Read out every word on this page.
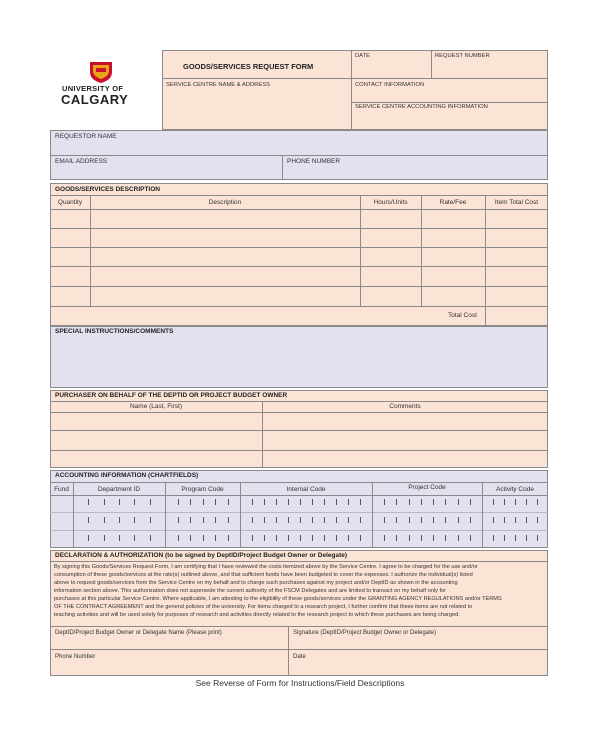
UNIVERSITY OF
CALGARY
GOODS/SERVICES REQUEST FORM
SERVICE CENTRE NAME & ADDRESS
DATE	REQUEST NUMBER
CONTACT INFORMATION
SERVICE CENTRE ACCOUNTING INFORMATION
REQUESTOR NAME
EMAIL ADDRESS	PHONE NUMBER
GOODS/SERVICES DESCRIPTION
Quantity	Description	Hours/Units	Rate/Fee	Item Total Cost
Total Cost
SPECIAL INSTRUCTIONS/COMMENTS
PURCHASER ON BEHALF OF THE DEPTID OR PROJECT BUDGET OWNER
Name (Last, First)	Comments
ACCOUNTING INFORMATION (CHARTFIELDS)
Fund	Department ID	Program Code	Internal Code	Project Code	Activity Code
DECLARATION & AUTHORIZATION (to be signed by DeptID/Project Budget Owner or Delegate)
By signing this Goods/Services Request Form, I am certifying that I have reviewed the costs itemized above by the Service Centre. I agree to be charged for the use and/or
consumption of these goods/services at the rate(s) outlined above, and that sufficient funds have been budgeted to cover the expenses. I authorize the individual(s) listed
above to request goods/services from the Service Centre on my behalf and to charge such purchases against my project and/or DeptID as shown in the accounting
information section above. This authorization does not supersede the current authority of the FSCM Delegates and are limited to transact on my behalf only for
purchases at this particular Service Centre. Where applicable, I am attesting to the eligibility of these goods/services under the GRANTING AGENCY REGULATIONS and/or TERMS
OF THE CONTRACT AGREEMENT and the general policies of the university. For items charged to a research project, I further confirm that these items are not related to
teaching activities and will be used solely for purposes of research and activities directly related to the research project to which these purchases are being charged.
DeptID/Project Budget Owner or Delegate Name (Please print)	Signature (DeptID/Project Budget Owner or Delegate)
Phone Number	Date
See Reverse of Form for Instructions/Field Descriptions
